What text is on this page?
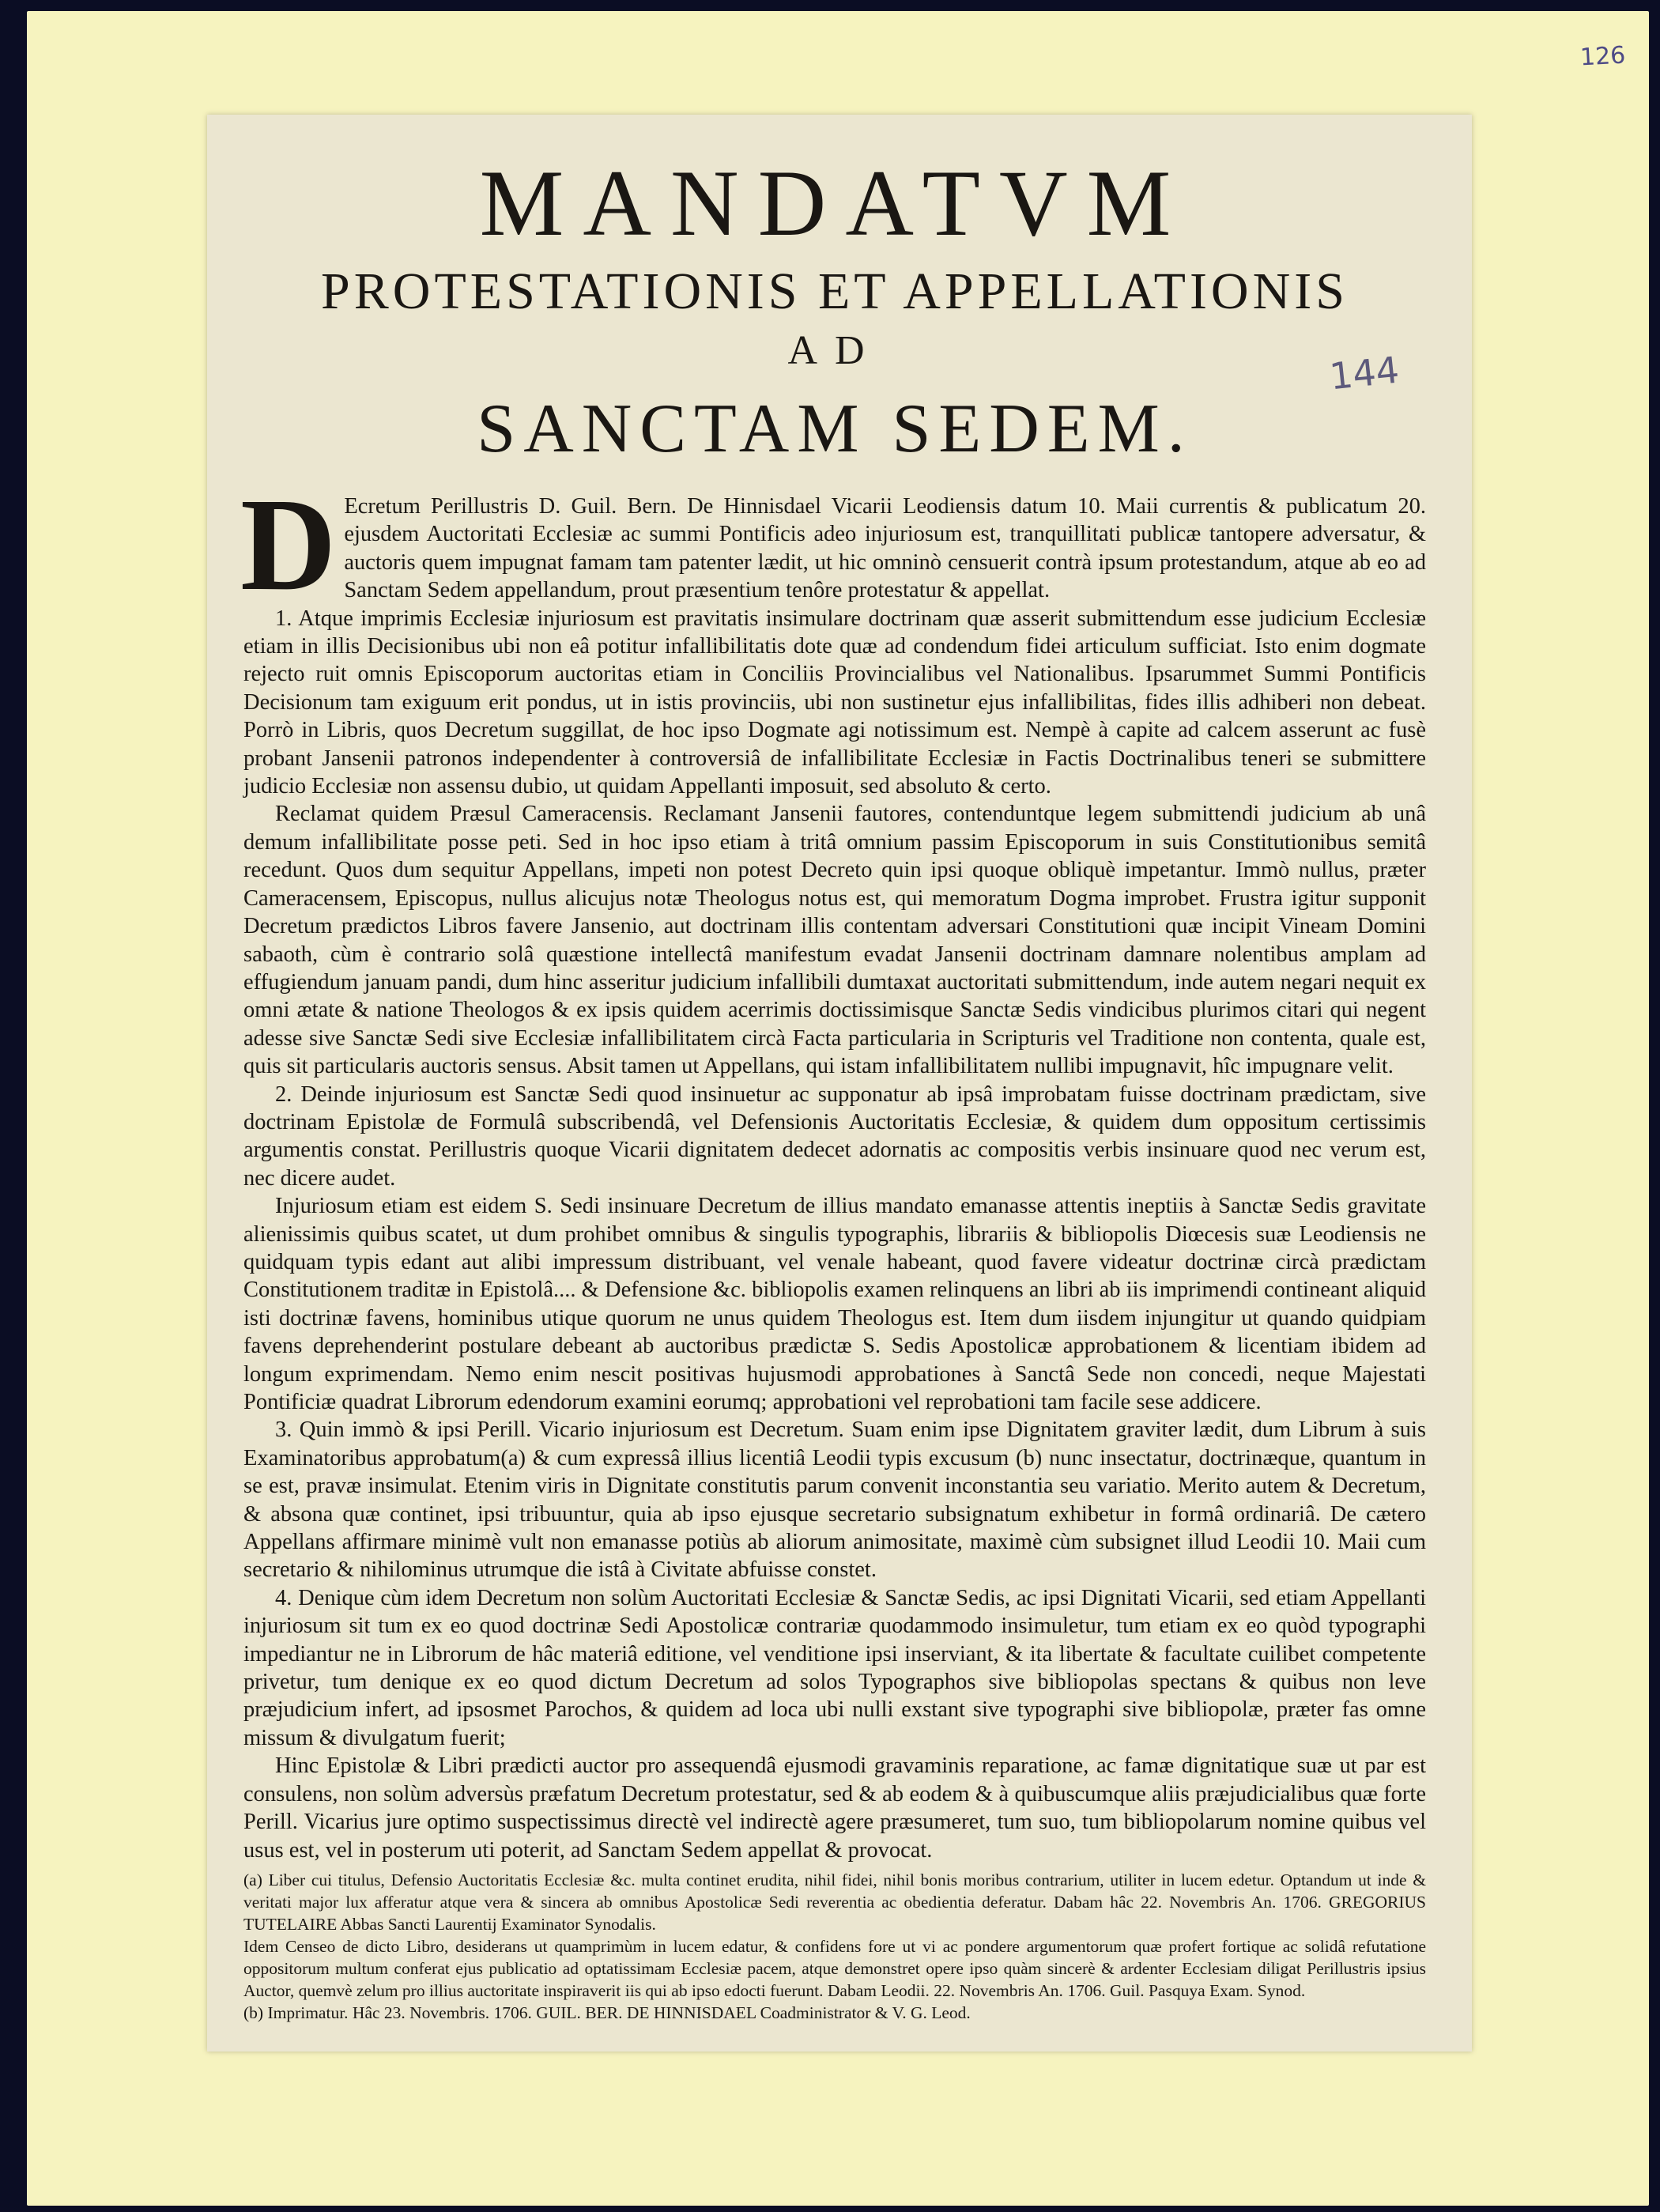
126
144
MANDATVM
PROTESTATIONIS ET APPELLATIONIS
AD
SANCTAM SEDEM.
D Ecretum Perillustris D. Guil. Bern. De Hinnisdael Vicarii Leodiensis datum 10. Maii currentis & publicatum 20. ejusdem Auctoritati Ecclesiæ ac summi Pontificis adeo injuriosum est, tranquillitati publicæ tantopere adversatur, & auctoris quem impugnat famam tam patenter lædit, ut hic omninò censuerit contrà ipsum protestandum, atque ab eo ad Sanctam Sedem appellandum, prout præsentium tenôre protestatur & appellat.

1. Atque imprimis Ecclesiæ injuriosum est pravitatis insimulare doctrinam quæ asserit submittendum esse judicium Ecclesiæ etiam in illis Decisionibus ubi non eâ potitur infallibilitatis dote quæ ad condendum fidei articulum sufficiat. Isto enim dogmate rejecto ruit omnis Episcoporum auctoritas etiam in Conciliis Provincialibus vel Nationalibus. Ipsarummet Summi Pontificis Decisionum tam exiguum erit pondus, ut in istis provinciis, ubi non sustinetur ejus infallibilitas, fides illis adhiberi non debeat. Porrò in Libris, quos Decretum suggillat, de hoc ipso Dogmate agi notissimum est. Nempè à capite ad calcem asserunt ac fusè probant Jansenii patronos independenter à controversiâ de infallibilitate Ecclesiæ in Factis Doctrinalibus teneri se submittere judicio Ecclesiæ non assensu dubio, ut quidam Appellanti imposuit, sed absoluto & certo.

Reclamat quidem Præsul Cameracensis. Reclamant Jansenii fautores, contenduntque legem submittendi judicium ab unâ demum infallibilitate posse peti. Sed in hoc ipso etiam à tritâ omnium passim Episcoporum in suis Constitutionibus semitâ recedunt. Quos dum sequitur Appellans, impeti non potest Decreto quin ipsi quoque obliquè impetantur. Immò nullus, præter Cameracensem, Episcopus, nullus alicujus notæ Theologus notus est, qui memoratum Dogma improbet. Frustra igitur supponit Decretum prædictos Libros favere Jansenio, aut doctrinam illis contentam adversari Constitutioni quæ incipit Vineam Domini sabaoth, cùm è contrario solâ quæstione intellectâ manifestum evadat Jansenii doctrinam damnare nolentibus amplam ad effugiendum januam pandi, dum hinc asseritur judicium infallibili dumtaxat auctoritati submittendum, inde autem negari nequit ex omni ætate & natione Theologos & ex ipsis quidem acerrimis doctissimisque Sanctæ Sedis vindicibus plurimos citari qui negent adesse sive Sanctæ Sedi sive Ecclesiæ infallibilitatem circà Facta particularia in Scripturis vel Traditione non contenta, quale est, quis sit particularis auctoris sensus. Absit tamen ut Appellans, qui istam infallibilitatem nullibi impugnavit, hîc impugnare velit.

2. Deinde injuriosum est Sanctæ Sedi quod insinuetur ac supponatur ab ipsâ improbatam fuisse doctrinam prædictam, sive doctrinam Epistolæ de Formulâ subscribendâ, vel Defensionis Auctoritatis Ecclesiæ, & quidem dum oppositum certissimis argumentis constat. Perillustris quoque Vicarii dignitatem dedecet adornatis ac compositis verbis insinuare quod nec verum est, nec dicere audet.

Injuriosum etiam est eidem S. Sedi insinuare Decretum de illius mandato emanasse attentis ineptiis à Sanctæ Sedis gravitate alienissimis quibus scatet, ut dum prohibet omnibus & singulis typographis, librariis & bibliopolis Diœcesis suæ Leodiensis ne quidquam typis edant aut alibi impressum distribuant, vel venale habeant, quod favere videatur doctrinæ circà prædictam Constitutionem traditæ in Epistolâ.... & Defensione &c. bibliopolis examen relinquens an libri ab iis imprimendi contineant aliquid isti doctrinæ favens, hominibus utique quorum ne unus quidem Theologus est. Item dum iisdem injungitur ut quando quidpiam favens deprehenderint postulare debeant ab auctoribus prædictæ S. Sedis Apostolicæ approbationem & licentiam ibidem ad longum exprimendam. Nemo enim nescit positivas hujusmodi approbationes à Sanctâ Sede non concedi, neque Majestati Pontificiæ quadrat Librorum edendorum examini eorumq; approbationi vel reprobationi tam facile sese addicere.

3. Quin immò & ipsi Perill. Vicario injuriosum est Decretum. Suam enim ipse Dignitatem graviter lædit, dum Librum à suis Examinatoribus approbatum(a) & cum expressâ illius licentiâ Leodii typis excusum (b) nunc insectatur, doctrinæque, quantum in se est, pravæ insimulat. Etenim viris in Dignitate constitutis parum convenit inconstantia seu variatio. Merito autem & Decretum, & absona quæ continet, ipsi tribuuntur, quia ab ipso ejusque secretario subsignatum exhibetur in formâ ordinariâ. De cætero Appellans affirmare minimè vult non emanasse potiùs ab aliorum animositate, maximè cùm subsignet illud Leodii 10. Maii cum secretario & nihilominus utrumque die istâ à Civitate abfuisse constet.

4. Denique cùm idem Decretum non solùm Auctoritati Ecclesiæ & Sanctæ Sedis, ac ipsi Dignitati Vicarii, sed etiam Appellanti injuriosum sit tum ex eo quod doctrinæ Sedi Apostolicæ contrariæ quodammodo insimuletur, tum etiam ex eo quòd typographi impediantur ne in Librorum de hâc materiâ editione, vel venditione ipsi inserviant, & ita libertate & facultate cuilibet competente privetur, tum denique ex eo quod dictum Decretum ad solos Typographos sive bibliopolas spectans & quibus non leve præjudicium infert, ad ipsosmet Parochos, & quidem ad loca ubi nulli exstant sive typographi sive bibliopolæ, præter fas omne missum & divulgatum fuerit;

Hinc Epistolæ & Libri prædicti auctor pro assequendâ ejusmodi gravaminis reparatione, ac famæ dignitatique suæ ut par est consulens, non solùm adversùs præfatum Decretum protestatur, sed & ab eodem & à quibuscumque aliis præjudicialibus quæ forte Perill. Vicarius jure optimo suspectissimus directè vel indirectè agere præsumeret, tum suo, tum bibliopolarum nomine quibus vel usus est, vel in posterum uti poterit, ad Sanctam Sedem appellat & provocat.

(a) Liber cui titulus, Defensio Auctoritatis Ecclesiæ &c. multa continet erudita, nihil fidei, nihil bonis moribus contrarium, utiliter in lucem edetur. Optandum ut inde & veritati major lux afferatur atque vera & sincera ab omnibus Apostolicæ Sedi reverentia ac obedientia deferatur. Dabam hâc 22. Novembris An. 1706. GREGORIUS TUTELAIRE Abbas Sancti Laurentij Examinator Synodalis.

Idem Censeo de dicto Libro, desiderans ut quamprimùm in lucem edatur, & confidens fore ut vi ac pondere argumentorum quæ profert fortique ac solidâ refutatione oppositorum multum conferat ejus publicatio ad optatissimam Ecclesiæ pacem, atque demonstret opere ipso quàm sincerè & ardenter Ecclesiam diligat Perillustris ipsius Auctor, quemvè zelum pro illius auctoritate inspiraverit iis qui ab ipso edocti fuerunt. Dabam Leodii. 22. Novembris An. 1706. Guil. Pasquya Exam. Synod.

(b) Imprimatur. Hâc 23. Novembris. 1706. GUIL. BER. DE HINNISDAEL Coadministrator & V. G. Leod.
